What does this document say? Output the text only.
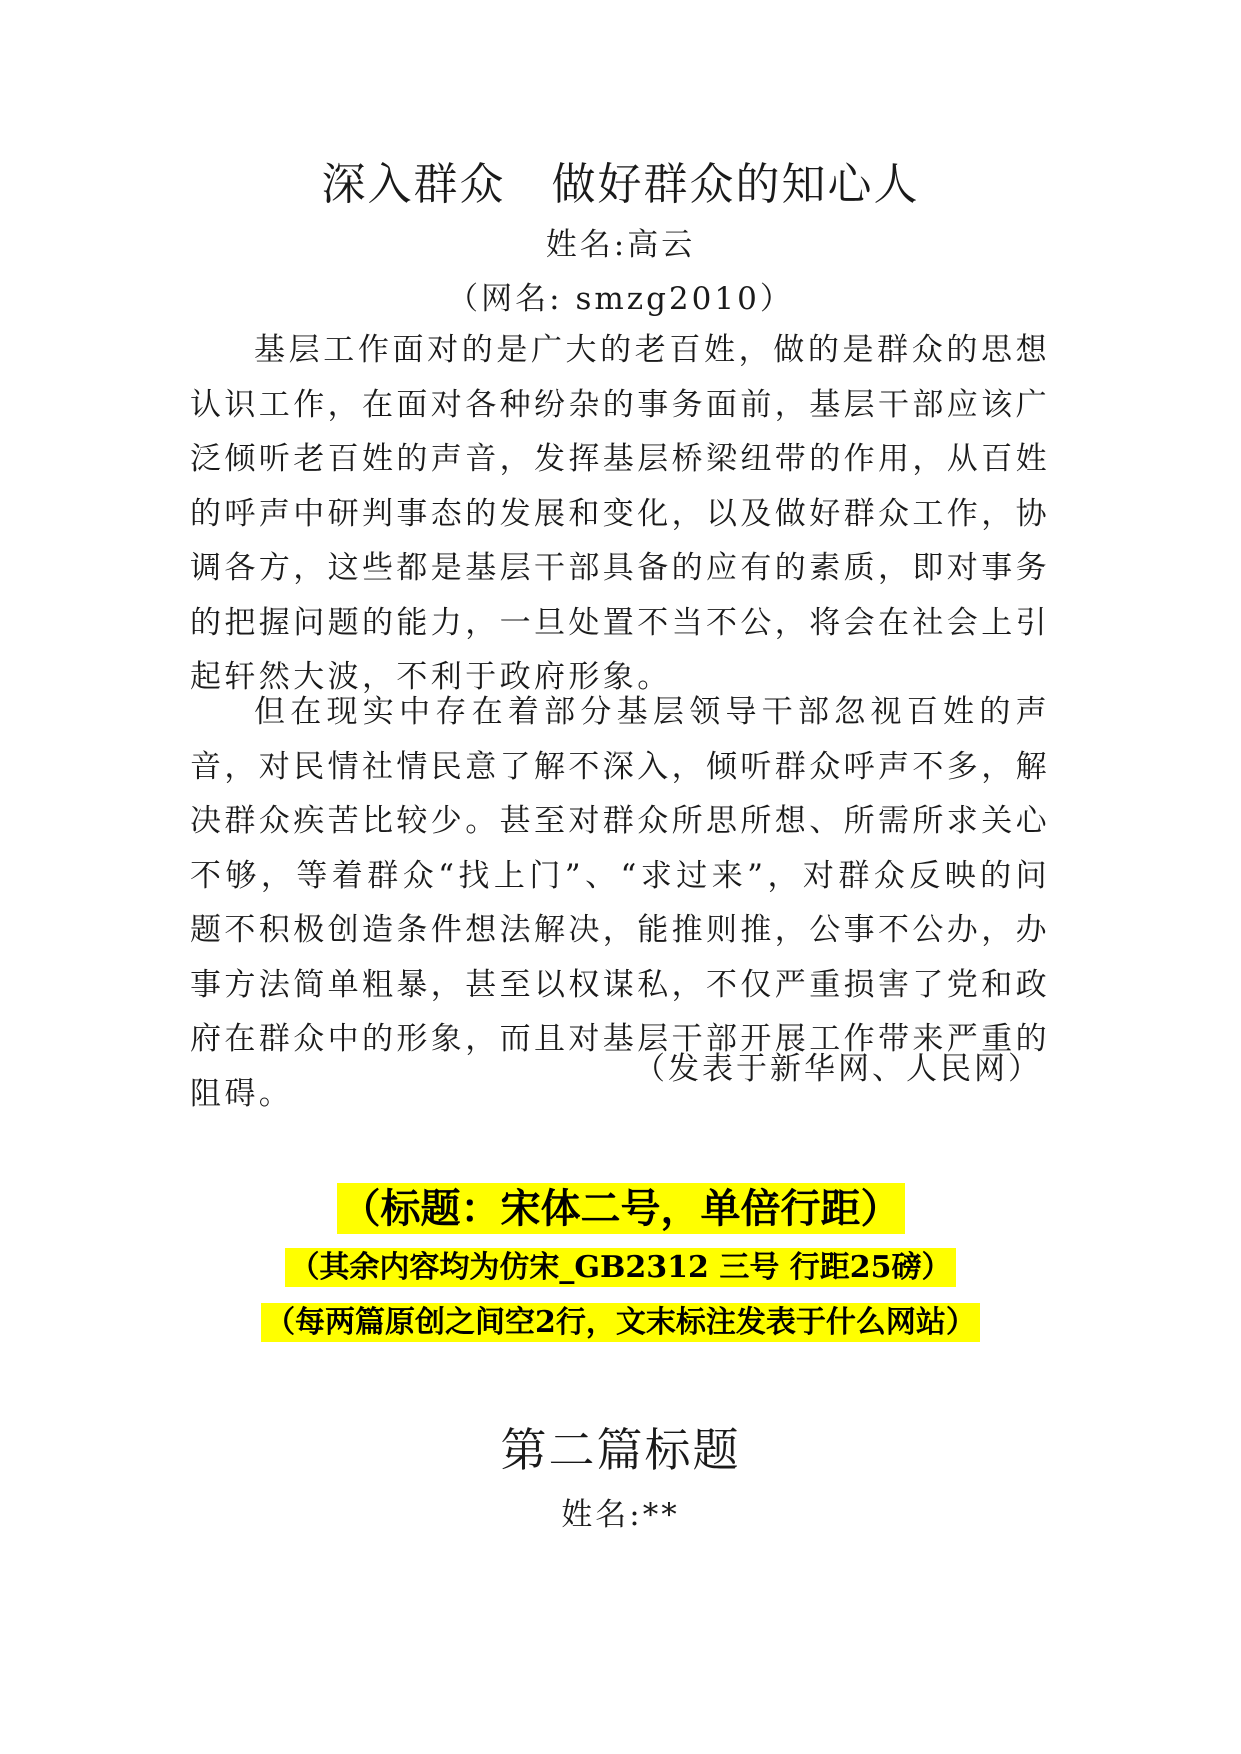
深入群众　做好群众的知心人
姓名:高云
（网名: smzg2010）

基层工作面对的是广大的老百姓，做的是群众的思想认识工作，在面对各种纷杂的事务面前，基层干部应该广泛倾听老百姓的声音，发挥基层桥梁纽带的作用，从百姓的呼声中研判事态的发展和变化，以及做好群众工作，协调各方，这些都是基层干部具备的应有的素质，即对事务的把握问题的能力，一旦处置不当不公，将会在社会上引起轩然大波，不利于政府形象。

但在现实中存在着部分基层领导干部忽视百姓的声音，对民情社情民意了解不深入，倾听群众呼声不多，解决群众疾苦比较少。甚至对群众所思所想、所需所求关心不够，等着群众“找上门”、“求过来”，对群众反映的问题不积极创造条件想法解决，能推则推，公事不公办，办事方法简单粗暴，甚至以权谋私，不仅严重损害了党和政府在群众中的形象，而且对基层干部开展工作带来严重的阻碍。

（发表于新华网、人民网）
（标题：宋体二号，单倍行距）
（其余内容均为仿宋_GB2312 三号 行距25磅）
（每两篇原创之间空2行，文末标注发表于什么网站）
第二篇标题
姓名:**
